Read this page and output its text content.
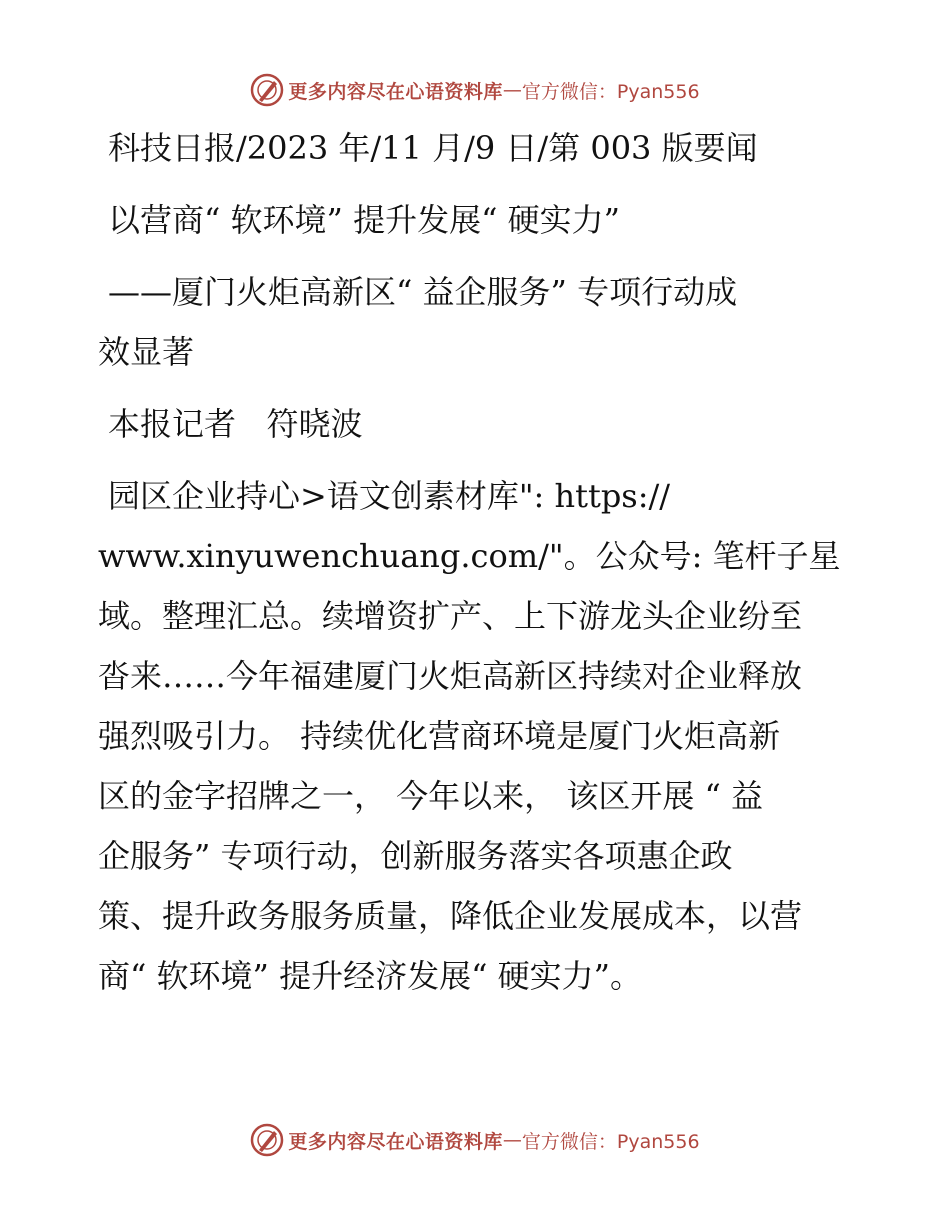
更多内容尽在心语资料库 — 官方微信：Pyan556
科技日报/2023 年/11 月/9 日/第 003 版要闻
以营商“ 软环境” 提升发展“ 硬实力”
——厦门火炬高新区“ 益企服务” 专项行动成
效显著
本报记者   符晓波
园区企业持心>语文创素材库": https://
www.xinyuwenchuang.com/"。公众号: 笔杆子星
域。整理汇总。续增资扩产、上下游龙头企业纷至
沓来……今年福建厦门火炬高新区持续对企业释放
强烈吸引力。 持续优化营商环境是厦门火炬高新
区的金字招牌之一， 今年以来， 该区开展 “ 益
企服务” 专项行动，创新服务落实各项惠企政
策、提升政务服务质量，降低企业发展成本，以营
商“ 软环境” 提升经济发展“ 硬实力”。
更多内容尽在心语资料库 — 官方微信：Pyan556
